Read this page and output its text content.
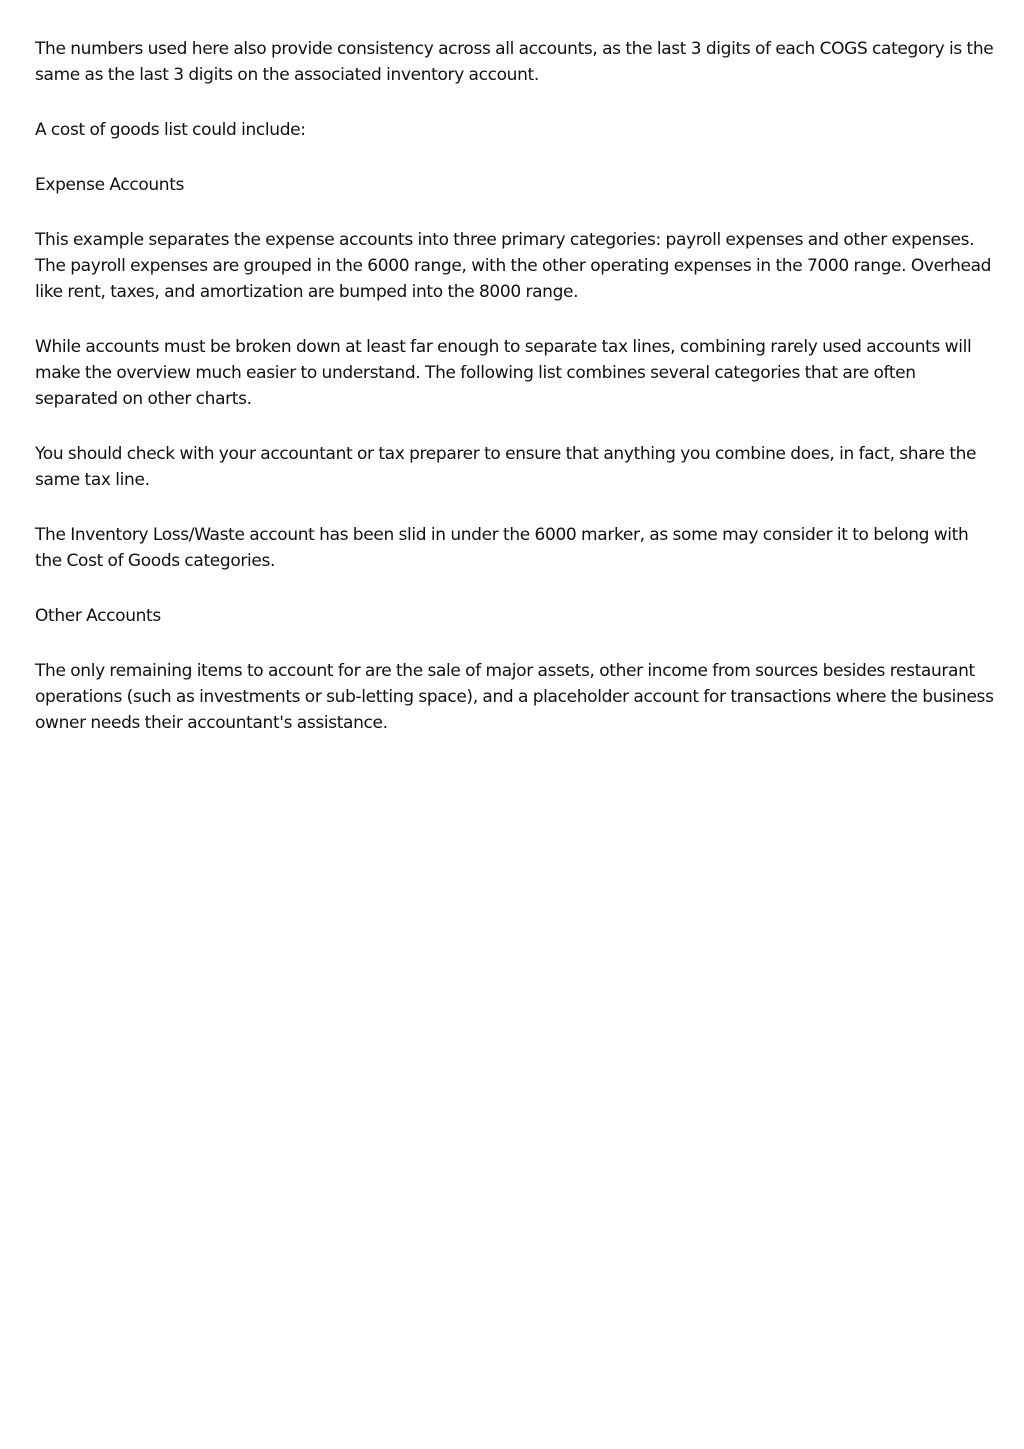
The numbers used here also provide consistency across all accounts, as the last 3 digits of each COGS category is the same as the last 3 digits on the associated inventory account.

A cost of goods list could include:

Expense Accounts

This example separates the expense accounts into three primary categories: payroll expenses and other expenses. The payroll expenses are grouped in the 6000 range, with the other operating expenses in the 7000 range. Overhead like rent, taxes, and amortization are bumped into the 8000 range.

While accounts must be broken down at least far enough to separate tax lines, combining rarely used accounts will make the overview much easier to understand. The following list combines several categories that are often separated on other charts.

You should check with your accountant or tax preparer to ensure that anything you combine does, in fact, share the same tax line.

The Inventory Loss/Waste account has been slid in under the 6000 marker, as some may consider it to belong with the Cost of Goods categories.

Other Accounts

The only remaining items to account for are the sale of major assets, other income from sources besides restaurant operations (such as investments or sub-letting space), and a placeholder account for transactions where the business owner needs their accountant's assistance.
